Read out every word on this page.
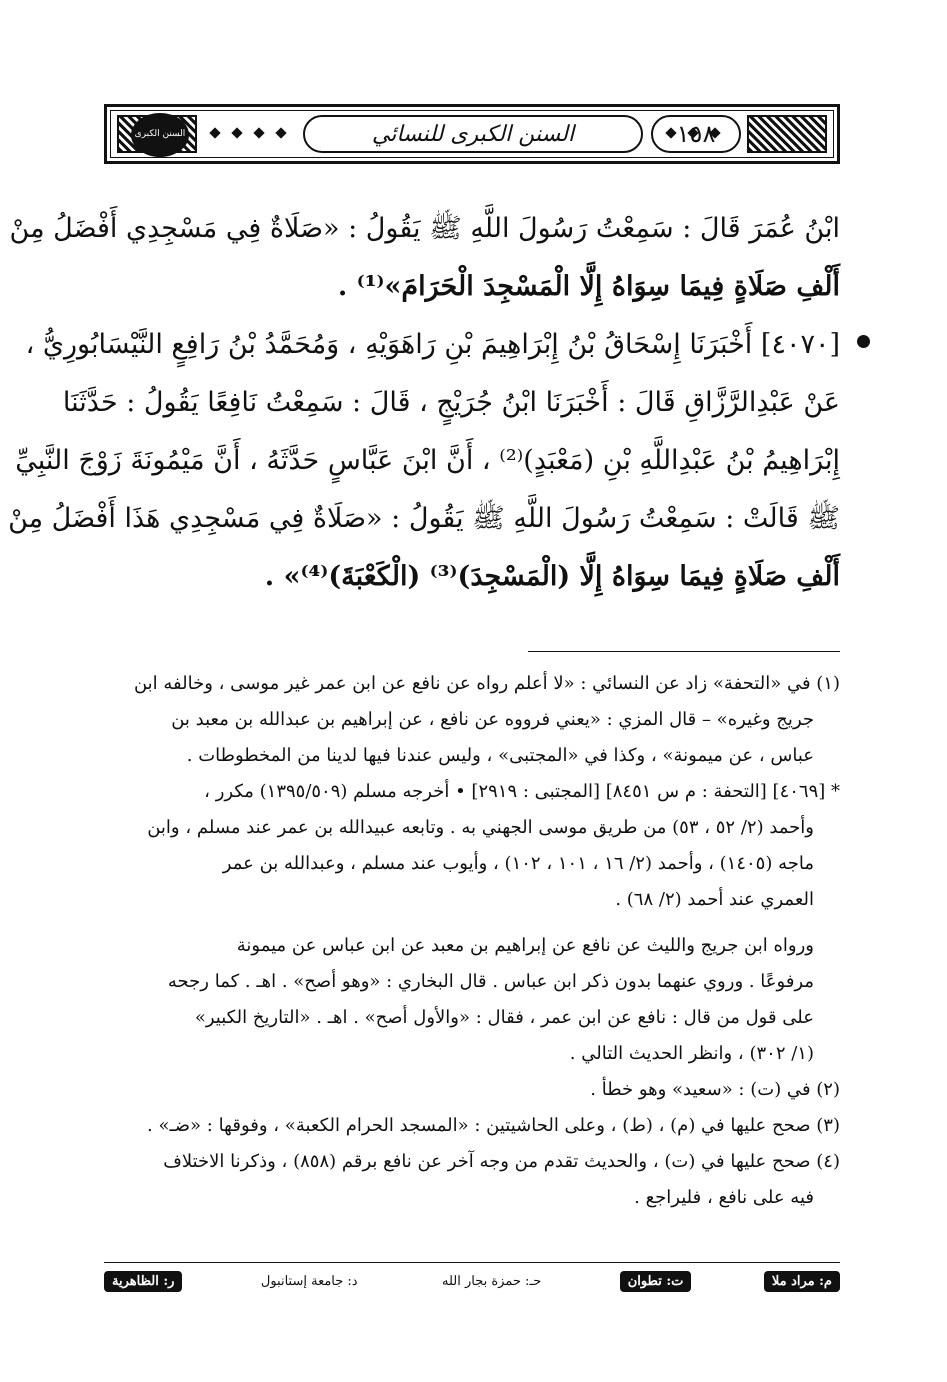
السنن الكبرى	السنن الكبرى للنسائي	١٥٨
ابْنُ عُمَرَ قَالَ : سَمِعْتُ رَسُولَ اللَّهِ ﷺ يَقُولُ : «صَلَاةٌ فِي مَسْجِدِي أَفْضَلُ مِنْ
أَلْفِ صَلَاةٍ فِيمَا سِوَاهُ إِلَّا الْمَسْجِدَ الْحَرَامَ»⁽¹⁾ .
[٤٠٧٠] أَخْبَرَنَا إِسْحَاقُ بْنُ إِبْرَاهِيمَ بْنِ رَاهَوَيْهِ ، وَمُحَمَّدُ بْنُ رَافِعٍ النَّيْسَابُورِيُّ ،
عَنْ عَبْدِالرَّزَّاقِ قَالَ : أَخْبَرَنَا ابْنُ جُرَيْجٍ ، قَالَ : سَمِعْتُ نَافِعًا يَقُولُ : حَدَّثَنَا
إِبْرَاهِيمُ بْنُ عَبْدِاللَّهِ بْنِ (مَعْبَدٍ)⁽²⁾ ، أَنَّ ابْنَ عَبَّاسٍ حَدَّثَهُ ، أَنَّ مَيْمُونَةَ زَوْجَ النَّبِيِّ
ﷺ قَالَتْ : سَمِعْتُ رَسُولَ اللَّهِ ﷺ يَقُولُ : «صَلَاةٌ فِي مَسْجِدِي هَذَا أَفْضَلُ مِنْ
أَلْفِ صَلَاةٍ فِيمَا سِوَاهُ إِلَّا (الْمَسْجِدَ)⁽³⁾ (الْكَعْبَةَ)⁽⁴⁾» .
(١) في «التحفة» زاد عن النسائي : «لا أعلم رواه عن نافع عن ابن عمر غير موسى ، وخالفه ابن
جريج وغيره» – قال المزي : «يعني فرووه عن نافع ، عن إبراهيم بن عبدالله بن معبد بن
عباس ، عن ميمونة» ، وكذا في «المجتبى» ، وليس عندنا فيها لدينا من المخطوطات .
* [٤٠٦٩] [التحفة : م س ٨٤٥١] [المجتبى : ٢٩١٩] • أخرجه مسلم (١٣٩٥/٥٠٩) مكرر ،
وأحمد (٢/ ٥٢ ، ٥٣) من طريق موسى الجهني به . وتابعه عبيدالله بن عمر عند مسلم ، وابن
ماجه (١٤٠٥) ، وأحمد (٢/ ١٦ ، ١٠١ ، ١٠٢) ، وأيوب عند مسلم ، وعبدالله بن عمر
العمري عند أحمد (٢/ ٦٨) .
ورواه ابن جريج والليث عن نافع عن إبراهيم بن معبد عن ابن عباس عن ميمونة
مرفوعًا . وروي عنهما بدون ذكر ابن عباس . قال البخاري : «وهو أصح» . اهـ . كما رجحه
على قول من قال : نافع عن ابن عمر ، فقال : «والأول أصح» . اهـ . «التاريخ الكبير»
(١/ ٣٠٢) ، وانظر الحديث التالي .
(٢) في (ت) : «سعيد» وهو خطأ .
(٣) صحح عليها في (م) ، (ط) ، وعلى الحاشيتين : «المسجد الحرام الكعبة» ، وفوقها : «ضـ» .
(٤) صحح عليها في (ت) ، والحديث تقدم من وجه آخر عن نافع برقم (٨٥٨) ، وذكرنا الاختلاف
فيه على نافع ، فليراجع .
ر: الظاهرية	د: جامعة إستانبول	حـ: حمزة بجار الله	ت: تطوان	م: مراد ملا
